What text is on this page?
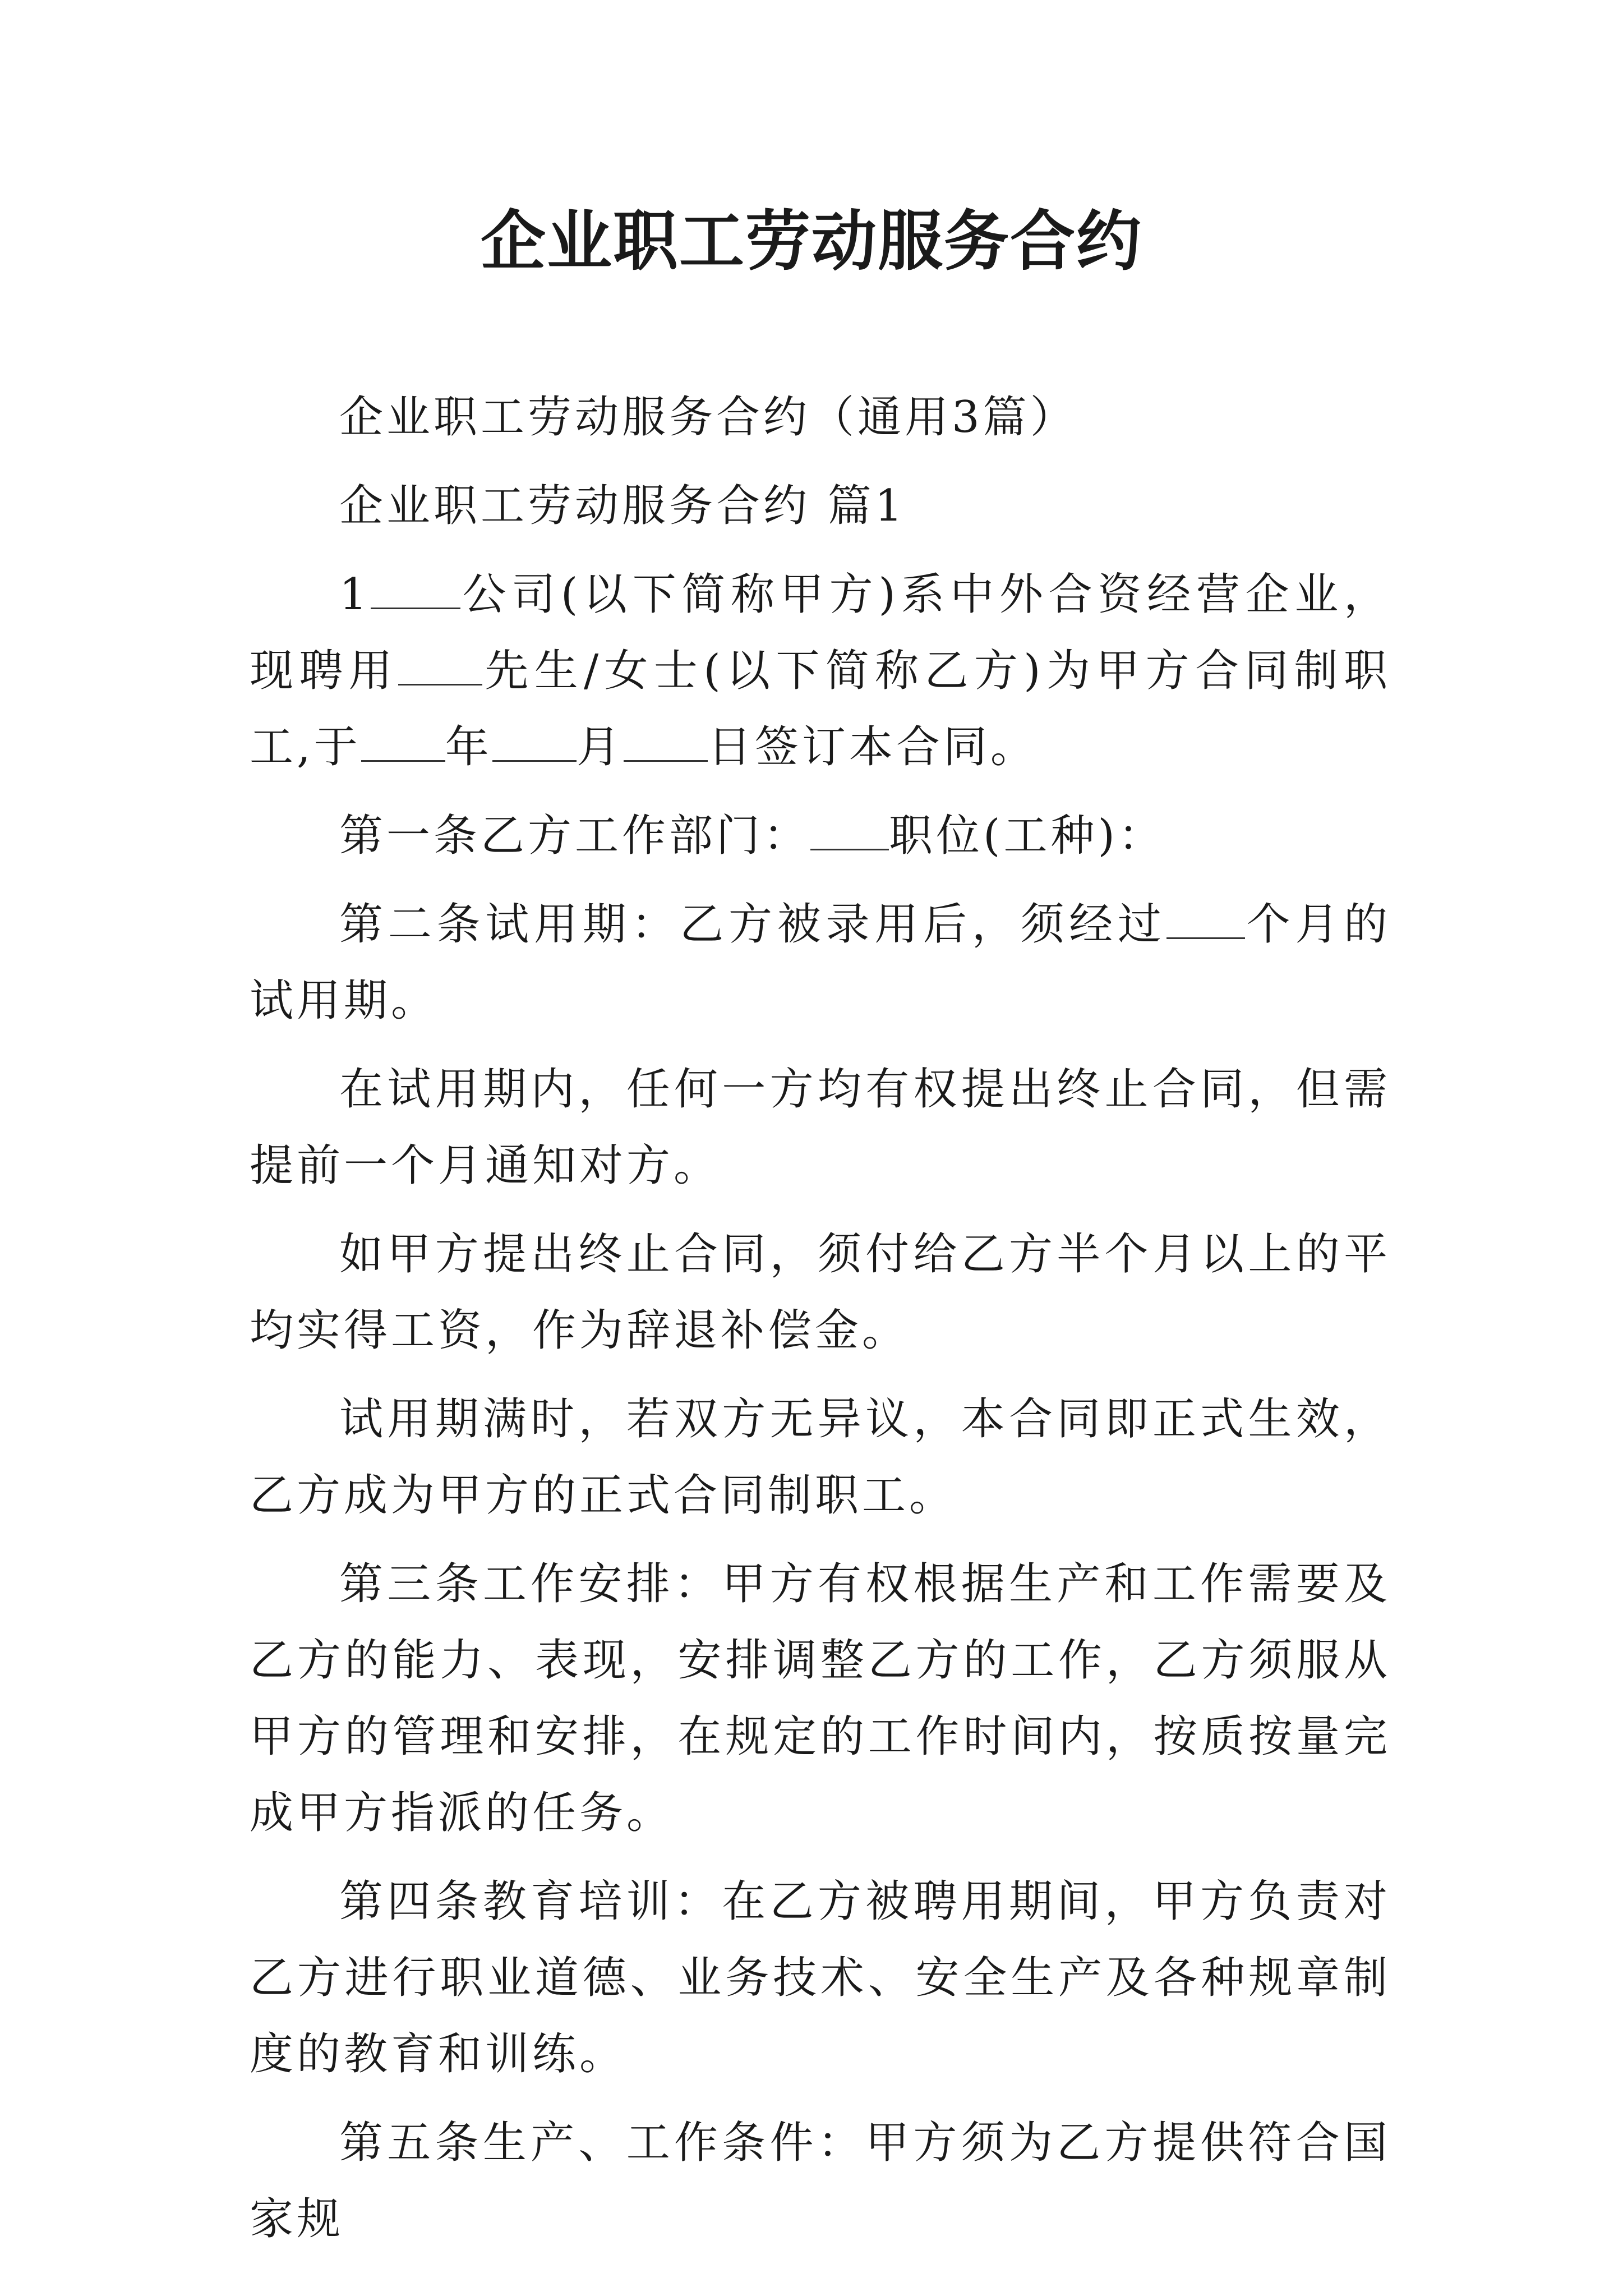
企业职工劳动服务合约

企业职工劳动服务合约（通用3篇）

企业职工劳动服务合约 篇1

1 公司(以下简称甲方)系中外合资经营企业，现聘用 先生/女士(以下简称乙方)为甲方合同制职工,于 年 月 日签订本合同。

第一条乙方工作部门： 职位(工种)：

第二条试用期：乙方被录用后，须经过 个月的试用期。

在试用期内，任何一方均有权提出终止合同，但需提前一个月通知对方。

如甲方提出终止合同，须付给乙方半个月以上的平均实得工资，作为辞退补偿金。

试用期满时，若双方无异议，本合同即正式生效，乙方成为甲方的正式合同制职工。

第三条工作安排：甲方有权根据生产和工作需要及乙方的能力、表现，安排调整乙方的工作，乙方须服从甲方的管理和安排，在规定的工作时间内，按质按量完成甲方指派的任务。

第四条教育培训：在乙方被聘用期间，甲方负责对乙方进行职业道德、业务技术、安全生产及各种规章制度的教育和训练。

第五条生产、工作条件：甲方须为乙方提供符合国家规
